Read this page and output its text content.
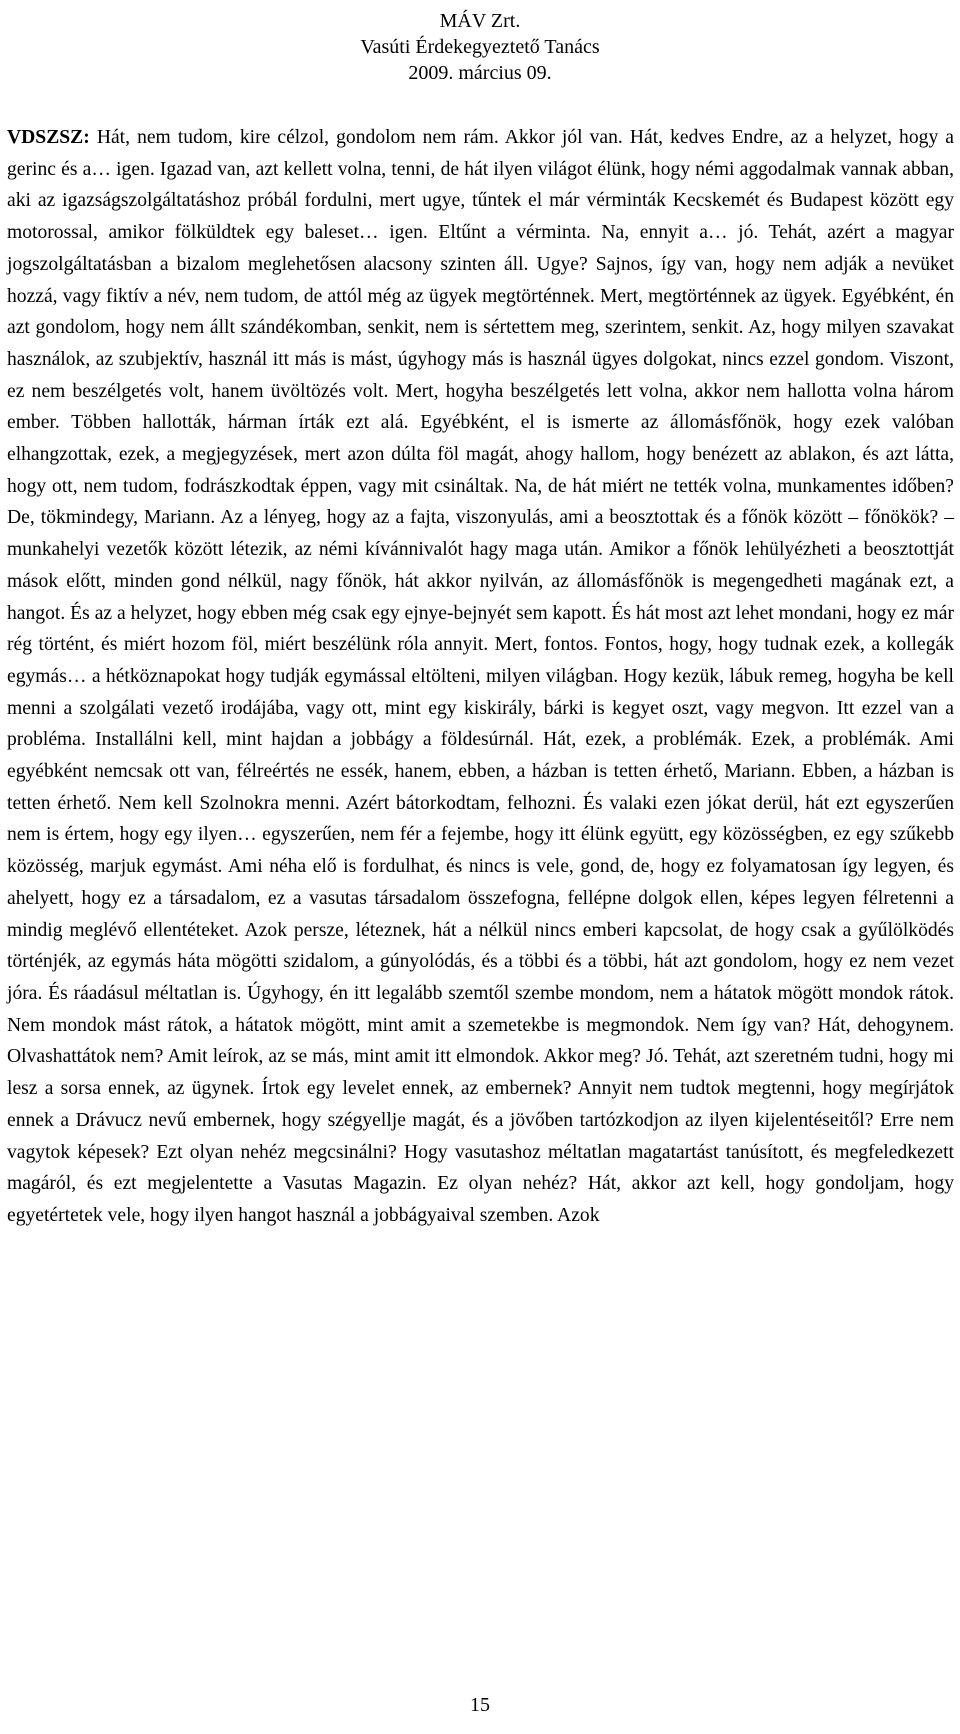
MÁV Zrt.
Vasúti Érdekegyeztető Tanács
2009. március 09.

VDSZSZ: Hát, nem tudom, kire célzol, gondolom nem rám. Akkor jól van. Hát, kedves Endre, az a helyzet, hogy a gerinc és a… igen. Igazad van, azt kellett volna, tenni, de hát ilyen világot élünk, hogy némi aggodalmak vannak abban, aki az igazságszolgáltatáshoz próbál fordulni, mert ugye, tűntek el már vérminták Kecskemét és Budapest között egy motorossal, amikor fölküldtek egy baleset… igen. Eltűnt a vérminta. Na, ennyit a… jó. Tehát, azért a magyar jogszolgáltatásban a bizalom meglehetősen alacsony szinten áll. Ugye? Sajnos, így van, hogy nem adják a nevüket hozzá, vagy fiktív a név, nem tudom, de attól még az ügyek megtörténnek. Mert, megtörténnek az ügyek. Egyébként, én azt gondolom, hogy nem állt szándékomban, senkit, nem is sértettem meg, szerintem, senkit. Az, hogy milyen szavakat használok, az szubjektív, használ itt más is mást, úgyhogy más is használ ügyes dolgokat, nincs ezzel gondom. Viszont, ez nem beszélgetés volt, hanem üvöltözés volt. Mert, hogyha beszélgetés lett volna, akkor nem hallotta volna három ember. Többen hallották, hárman írták ezt alá. Egyébként, el is ismerte az állomásfőnök, hogy ezek valóban elhangzottak, ezek, a megjegyzések, mert azon dúlta föl magát, ahogy hallom, hogy benézett az ablakon, és azt látta, hogy ott, nem tudom, fodrászkodtak éppen, vagy mit csináltak. Na, de hát miért ne tették volna, munkamentes időben? De, tökmindegy, Mariann. Az a lényeg, hogy az a fajta, viszonyulás, ami a beosztottak és a főnök között – főnökök? – munkahelyi vezetők között létezik, az némi kívánnivalót hagy maga után. Amikor a főnök lehülyézheti a beosztottját mások előtt, minden gond nélkül, nagy főnök, hát akkor nyilván, az állomásfőnök is megengedheti magának ezt, a hangot. És az a helyzet, hogy ebben még csak egy ejnye-bejnyét sem kapott. És hát most azt lehet mondani, hogy ez már rég történt, és miért hozom föl, miért beszélünk róla annyit. Mert, fontos. Fontos, hogy, hogy tudnak ezek, a kollegák egymás… a hétköznapokat hogy tudják egymással eltölteni, milyen világban. Hogy kezük, lábuk remeg, hogyha be kell menni a szolgálati vezető irodájába, vagy ott, mint egy kiskirály, bárki is kegyet oszt, vagy megvon. Itt ezzel van a probléma. Installálni kell, mint hajdan a jobbágy a földesúrnál. Hát, ezek, a problémák. Ezek, a problémák. Ami egyébként nemcsak ott van, félreértés ne essék, hanem, ebben, a házban is tetten érhető, Mariann. Ebben, a házban is tetten érhető. Nem kell Szolnokra menni. Azért bátorkodtam, felhozni. És valaki ezen jókat derül, hát ezt egyszerűen nem is értem, hogy egy ilyen… egyszerűen, nem fér a fejembe, hogy itt élünk együtt, egy közösségben, ez egy szűkebb közösség, marjuk egymást. Ami néha elő is fordulhat, és nincs is vele, gond, de, hogy ez folyamatosan így legyen, és ahelyett, hogy ez a társadalom, ez a vasutas társadalom összefogna, fellépne dolgok ellen, képes legyen félretenni a mindig meglévő ellentéteket. Azok persze, léteznek, hát a nélkül nincs emberi kapcsolat, de hogy csak a gyűlölködés történjék, az egymás háta mögötti szidalom, a gúnyolódás, és a többi és a többi, hát azt gondolom, hogy ez nem vezet jóra. És ráadásul méltatlan is. Úgyhogy, én itt legalább szemtől szembe mondom, nem a hátatok mögött mondok rátok. Nem mondok mást rátok, a hátatok mögött, mint amit a szemetekbe is megmondok. Nem így van? Hát, dehogynem. Olvashattátok nem? Amit leírok, az se más, mint amit itt elmondok. Akkor meg? Jó. Tehát, azt szeretném tudni, hogy mi lesz a sorsa ennek, az ügynek. Írtok egy levelet ennek, az embernek? Annyit nem tudtok megtenni, hogy megírjátok ennek a Drávucz nevű embernek, hogy szégyellje magát, és a jövőben tartózkodjon az ilyen kijelentéseitől? Erre nem vagytok képesek? Ezt olyan nehéz megcsinálni? Hogy vasutashoz méltatlan magatartást tanúsított, és megfeledkezett magáról, és ezt megjelentette a Vasutas Magazin. Ez olyan nehéz? Hát, akkor azt kell, hogy gondoljam, hogy egyetértetek vele, hogy ilyen hangot használ a jobbágyaival szemben. Azok

15
